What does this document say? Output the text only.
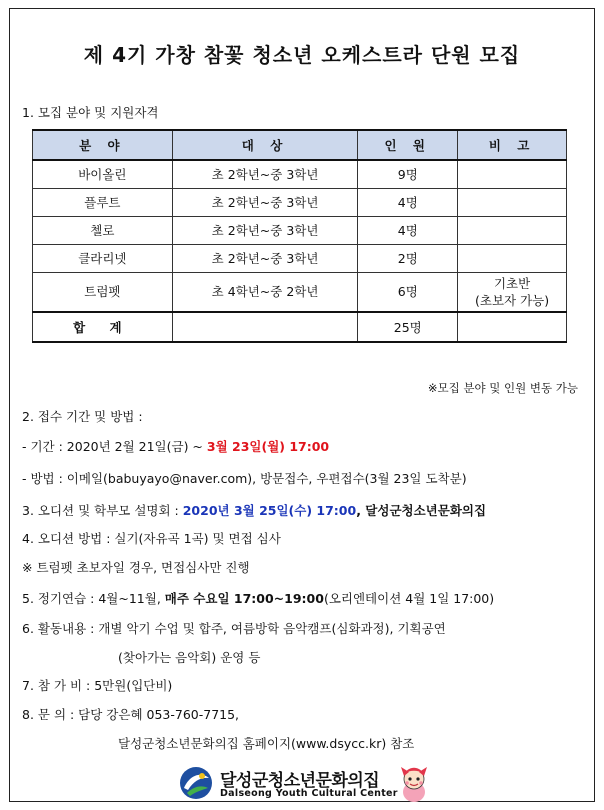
제 4기 가창 참꽃 청소년 오케스트라 단원 모집
1. 모집 분야 및 지원자격
분 야	대 상	인 원	비 고
바이올린	초 2학년~중 3학년	9명	
플루트	초 2학년~중 3학년	4명	
첼로	초 2학년~중 3학년	4명	
클라리넷	초 2학년~중 3학년	2명	
트럼펫	초 4학년~중 2학년	6명	기초반
(초보자 가능)

합 계		25명	
※모집 분야 및 인원 변동 가능
2. 접수 기간 및 방법 :
- 기간 : 2020년 2월 21일(금) ~ 3월 23일(월) 17:00
- 방법 : 이메일(babuyayo@naver.com), 방문접수, 우편접수(3월 23일 도착분)
3. 오디션 및 학부모 설명회 : 2020년 3월 25일(수) 17:00, 달성군청소년문화의집
4. 오디션 방법 : 실기(자유곡 1곡) 및 면접 심사
※ 트럼펫 초보자일 경우, 면접심사만 진행
5. 정기연습 : 4월~11월, 매주 수요일 17:00~19:00(오리엔테이션 4월 1일 17:00)
6. 활동내용 : 개별 악기 수업 및 합주, 여름방학 음악캠프(심화과정), 기획공연
(찾아가는 음악회) 운영 등
7. 참 가 비 : 5만원(입단비)
8. 문 의 : 담당 강은혜 053-760-7715,
달성군청소년문화의집 홈페이지(www.dsycc.kr) 참조
달성군청소년문화의집
Dalseong Youth Cultural Center
